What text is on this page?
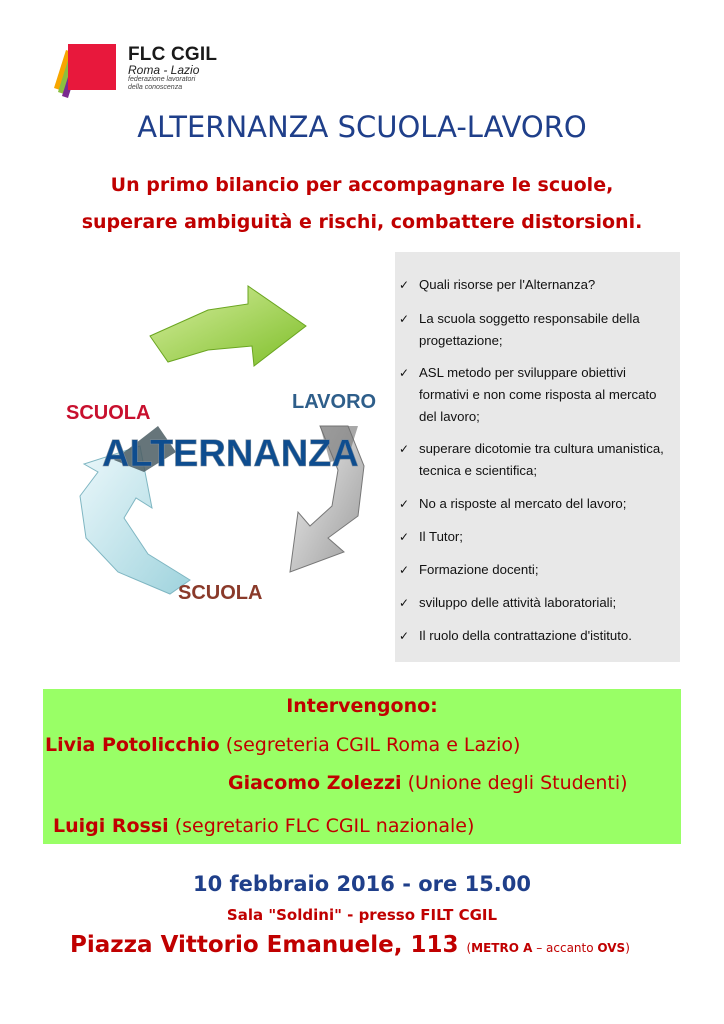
FLC CGIL
Roma - Lazio
federazione lavoratori della conoscenza
ALTERNANZA SCUOLA-LAVORO
Un primo bilancio per accompagnare le scuole,
superare ambiguità e rischi, combattere distorsioni.
SCUOLA	LAVORO
ALTERNANZA
SCUOLA
✓ Quali risorse per l'Alternanza?
✓ La scuola soggetto responsabile della progettazione;
✓ ASL metodo per sviluppare obiettivi formativi e non come risposta al mercato del lavoro;
✓ superare dicotomie tra cultura umanistica, tecnica e scientifica;
✓ No a risposte al mercato del lavoro;
✓ Il Tutor;
✓ Formazione docenti;
✓ sviluppo delle attività laboratoriali;
✓ Il ruolo della contrattazione d'istituto.
Intervengono:
Livia Potolicchio (segreteria CGIL Roma e Lazio)
Giacomo Zolezzi (Unione degli Studenti)
Luigi Rossi (segretario FLC CGIL nazionale)
10 febbraio 2016 - ore 15.00
Sala "Soldini" - presso FILT CGIL
Piazza Vittorio Emanuele, 113 (METRO A – accanto OVS)
